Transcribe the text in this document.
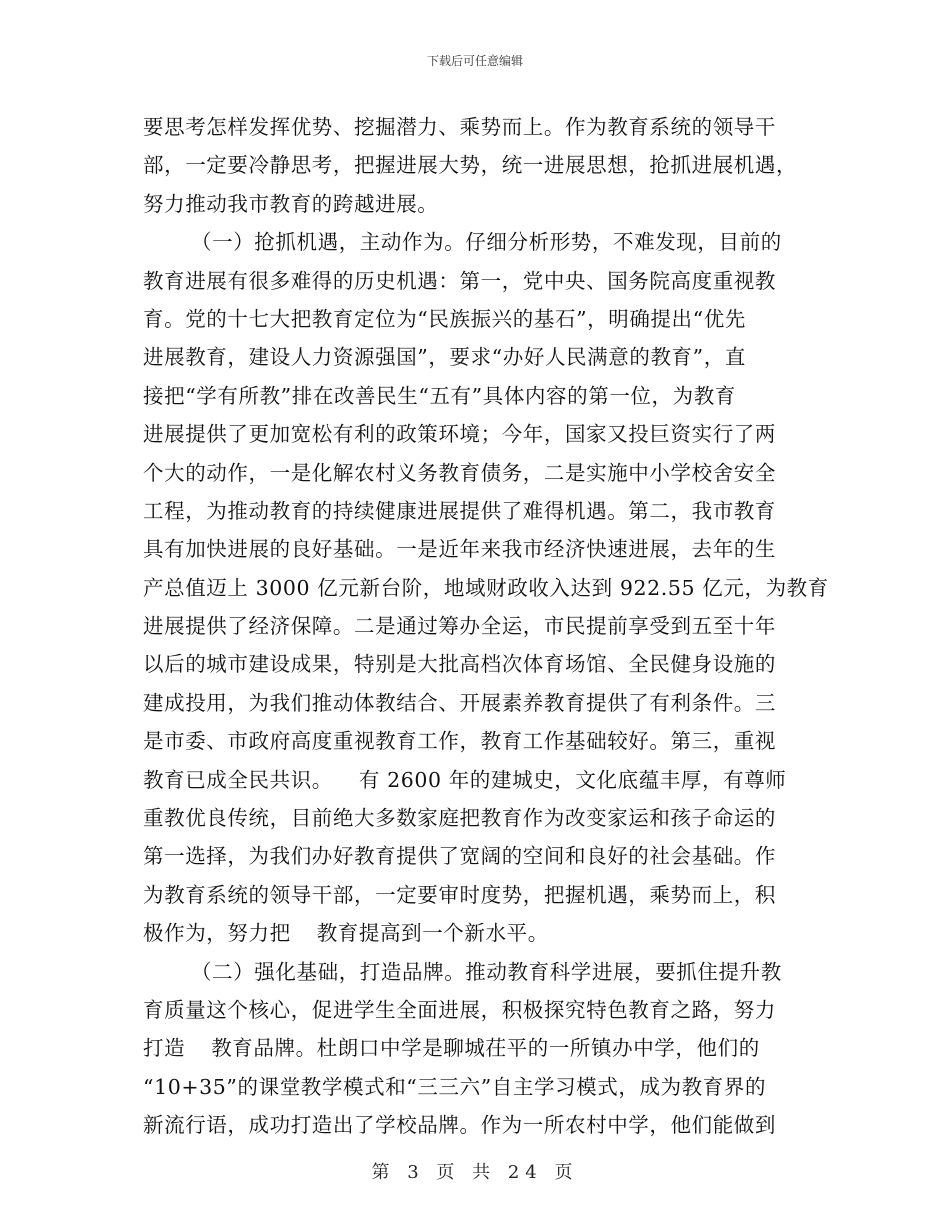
下载后可任意编辑
要思考怎样发挥优势、挖掘潜力、乘势而上。作为教育系统的领导干
部，一定要冷静思考，把握进展大势，统一进展思想，抢抓进展机遇，
努力推动我市教育的跨越进展。
（一）抢抓机遇，主动作为。仔细分析形势，不难发现，目前的
教育进展有很多难得的历史机遇：第一，党中央、国务院高度重视教
育。党的十七大把教育定位为“民族振兴的基石”，明确提出“优先
进展教育，建设人力资源强国”，要求“办好人民满意的教育”，直
接把“学有所教”排在改善民生“五有”具体内容的第一位，为教育
进展提供了更加宽松有利的政策环境；今年，国家又投巨资实行了两
个大的动作，一是化解农村义务教育债务，二是实施中小学校舍安全
工程，为推动教育的持续健康进展提供了难得机遇。第二，我市教育
具有加快进展的良好基础。一是近年来我市经济快速进展，去年的生
产总值迈上 3000 亿元新台阶，地域财政收入达到 922.55 亿元，为教育
进展提供了经济保障。二是通过筹办全运，市民提前享受到五至十年
以后的城市建设成果，特别是大批高档次体育场馆、全民健身设施的
建成投用，为我们推动体教结合、开展素养教育提供了有利条件。三
是市委、市政府高度重视教育工作，教育工作基础较好。第三，重视
教育已成全民共识。 有 2600 年的建城史，文化底蕴丰厚，有尊师
重教优良传统，目前绝大多数家庭把教育作为改变家运和孩子命运的
第一选择，为我们办好教育提供了宽阔的空间和良好的社会基础。作
为教育系统的领导干部，一定要审时度势，把握机遇，乘势而上，积
极作为，努力把 教育提高到一个新水平。
（二）强化基础，打造品牌。推动教育科学进展，要抓住提升教
育质量这个核心，促进学生全面进展，积极探究特色教育之路，努力
打造 教育品牌。杜朗口中学是聊城茌平的一所镇办中学，他们的
“10+35”的课堂教学模式和“三三六”自主学习模式，成为教育界的
新流行语，成功打造出了学校品牌。作为一所农村中学，他们能做到
第 3 页 共 24 页
